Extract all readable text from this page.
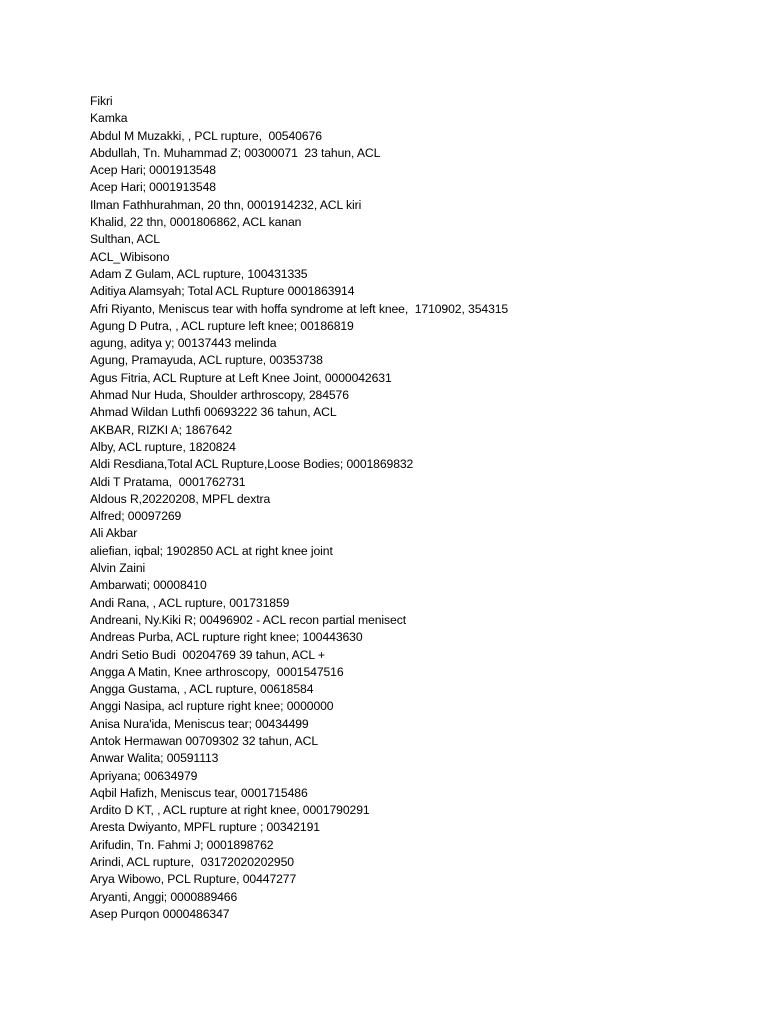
Fikri
Kamka
Abdul M Muzakki, , PCL rupture,  00540676
Abdullah, Tn. Muhammad Z; 00300071  23 tahun, ACL
Acep Hari; 0001913548
Acep Hari; 0001913548
Ilman Fathhurahman, 20 thn, 0001914232, ACL kiri
Khalid, 22 thn, 0001806862, ACL kanan
Sulthan, ACL
ACL_Wibisono
Adam Z Gulam, ACL rupture, 100431335
Aditiya Alamsyah; Total ACL Rupture 0001863914
Afri Riyanto, Meniscus tear with hoffa syndrome at left knee,  1710902, 354315
Agung D Putra, , ACL rupture left knee; 00186819
agung, aditya y; 00137443 melinda
Agung, Pramayuda, ACL rupture, 00353738
Agus Fitria, ACL Rupture at Left Knee Joint, 0000042631
Ahmad Nur Huda, Shoulder arthroscopy, 284576
Ahmad Wildan Luthfi 00693222 36 tahun, ACL
AKBAR, RIZKI A; 1867642
Alby, ACL rupture, 1820824
Aldi Resdiana,Total ACL Rupture,Loose Bodies; 0001869832
Aldi T Pratama,  0001762731
Aldous R,20220208, MPFL dextra
Alfred; 00097269
Ali Akbar
aliefian, iqbal; 1902850 ACL at right knee joint
Alvin Zaini
Ambarwati; 00008410
Andi Rana, , ACL rupture, 001731859
Andreani, Ny.Kiki R; 00496902 - ACL recon partial menisect
Andreas Purba, ACL rupture right knee; 100443630
Andri Setio Budi  00204769 39 tahun, ACL +
Angga A Matin, Knee arthroscopy,  0001547516
Angga Gustama, , ACL rupture, 00618584
Anggi Nasipa, acl rupture right knee; 0000000
Anisa Nura'ida, Meniscus tear; 00434499
Antok Hermawan 00709302 32 tahun, ACL
Anwar Walita; 00591113
Apriyana; 00634979
Aqbil Hafizh, Meniscus tear, 0001715486
Ardito D KT, , ACL rupture at right knee, 0001790291
Aresta Dwiyanto, MPFL rupture ; 00342191
Arifudin, Tn. Fahmi J; 0001898762
Arindi, ACL rupture,  03172020202950
Arya Wibowo, PCL Rupture, 00447277
Aryanti, Anggi; 0000889466
Asep Purqon 0000486347
